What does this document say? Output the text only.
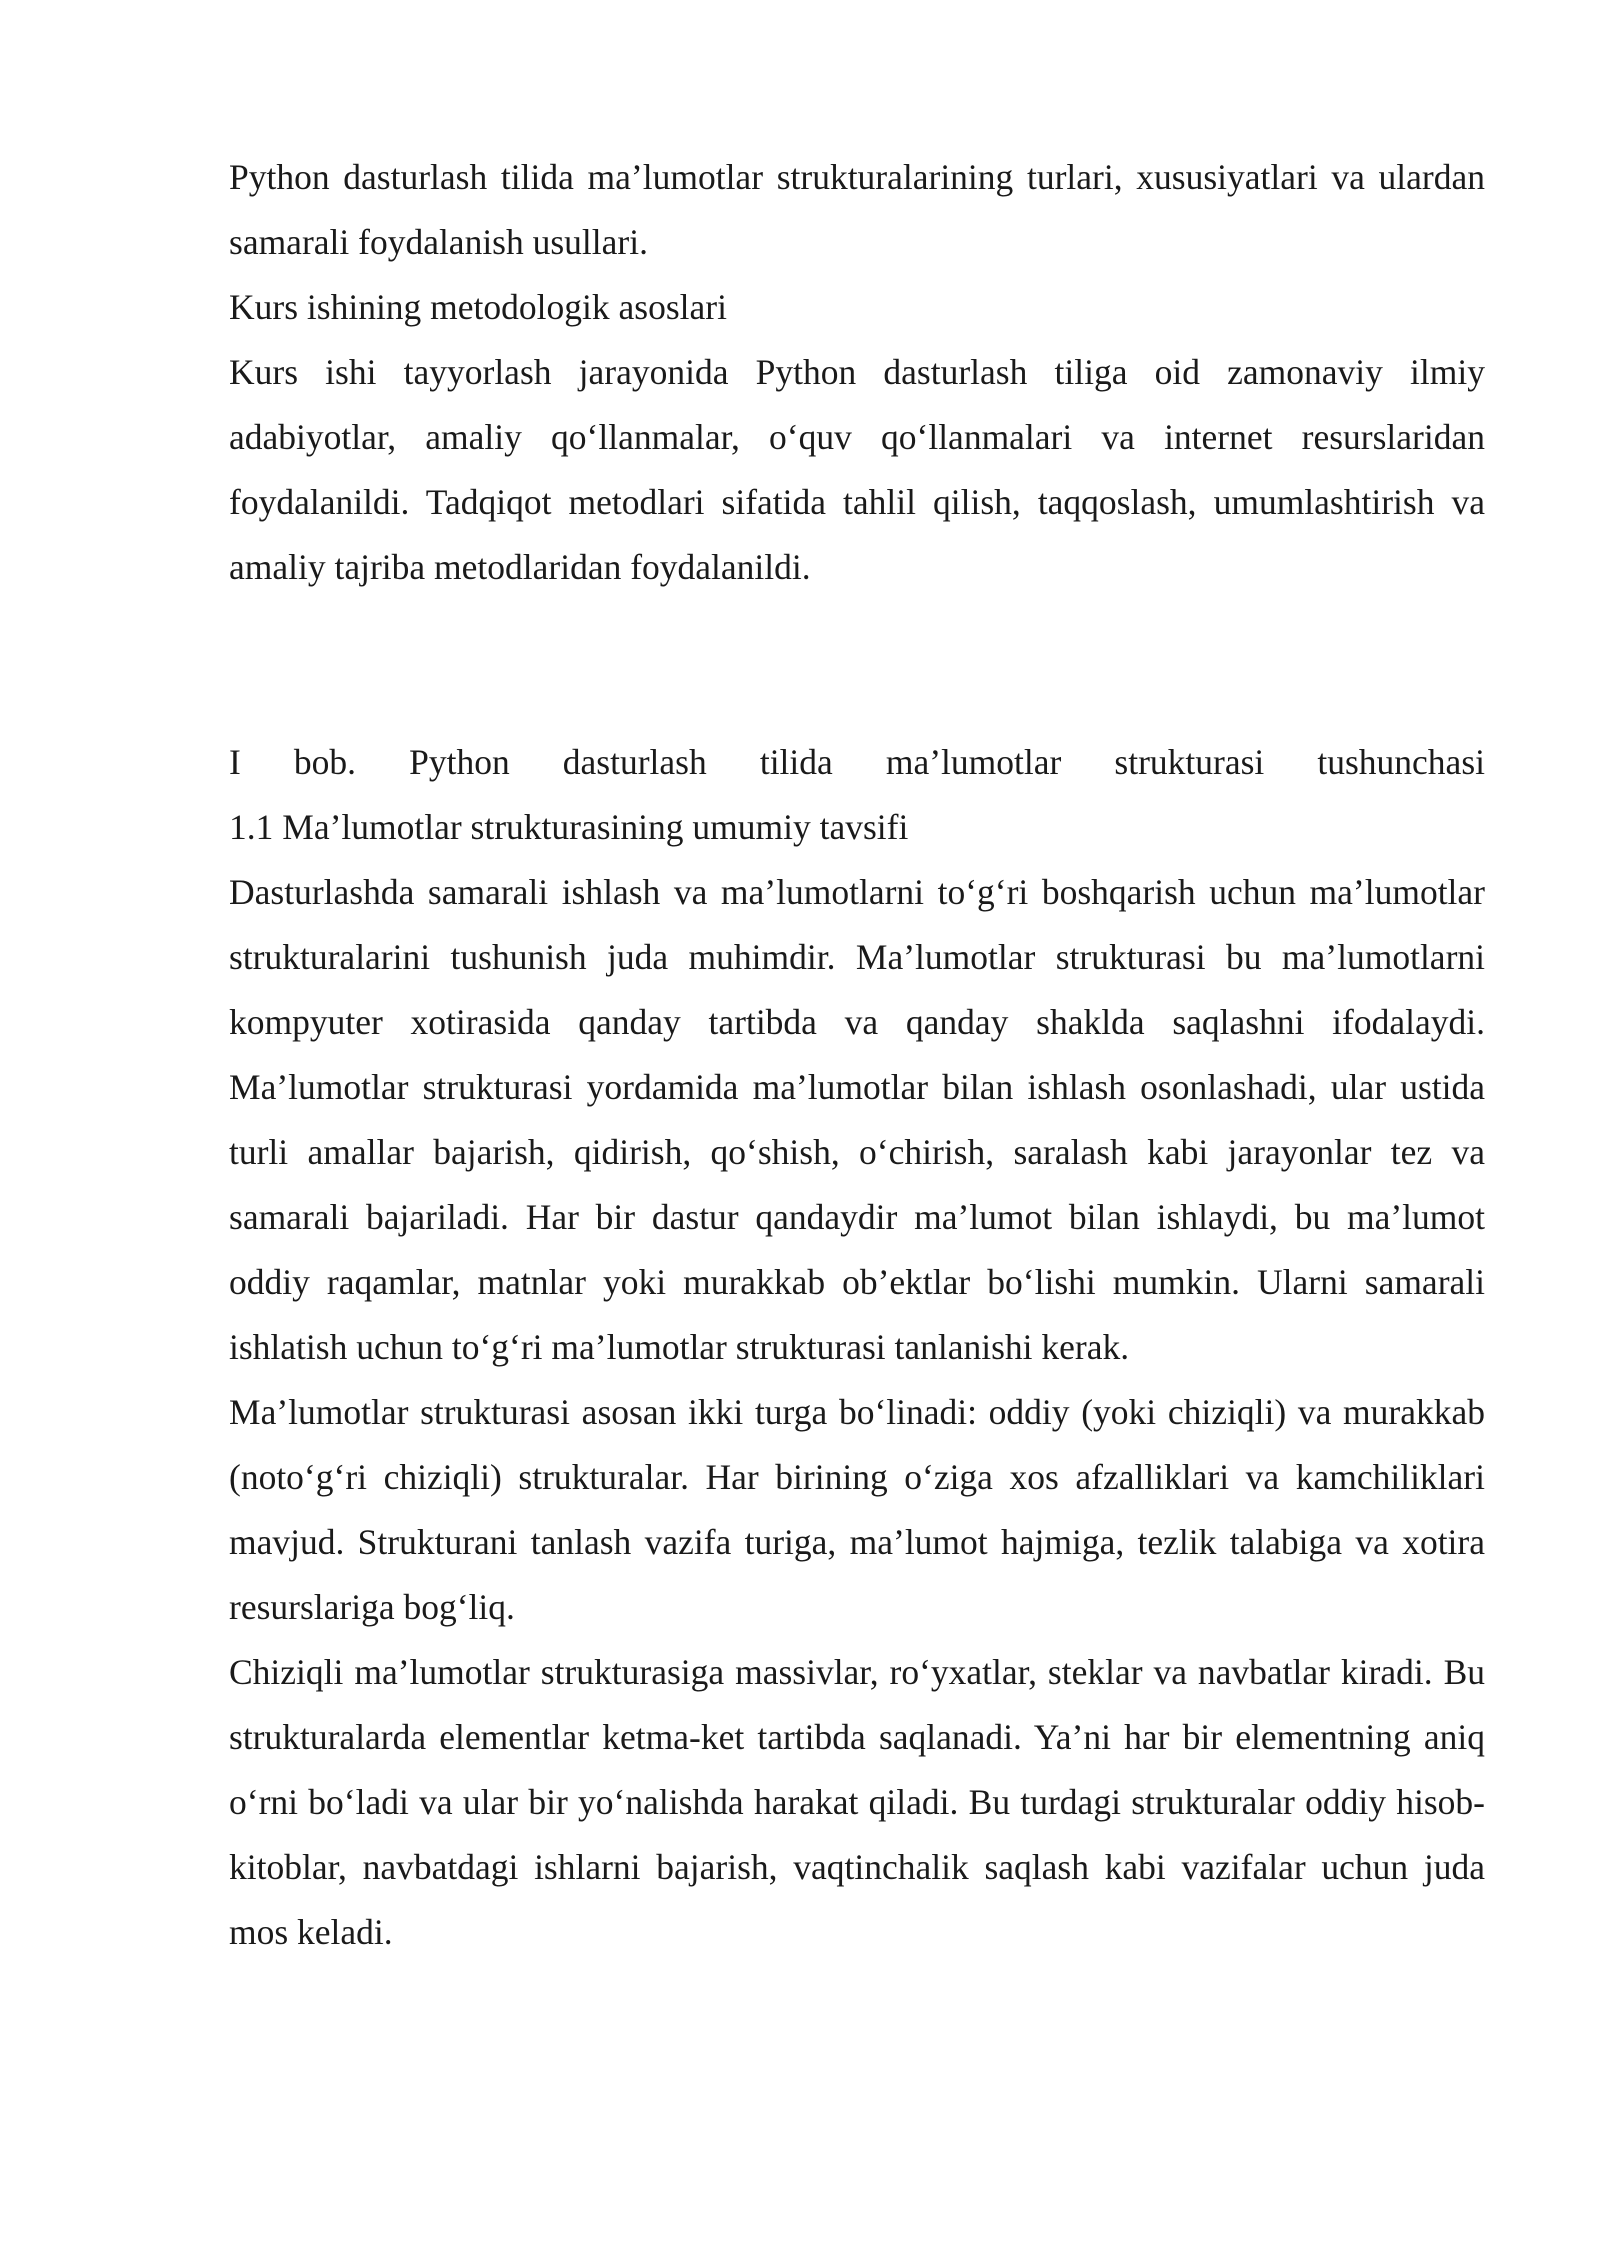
Python dasturlash tilida ma’lumotlar strukturalarining turlari, xususiyatlari va ulardan samarali foydalanish usullari.

Kurs ishining metodologik asoslari

Kurs ishi tayyorlash jarayonida Python dasturlash tiliga oid zamonaviy ilmiy adabiyotlar, amaliy qo‘llanmalar, o‘quv qo‘llanmalari va internet resurslaridan foydalanildi. Tadqiqot metodlari sifatida tahlil qilish, taqqoslash, umumlashtirish va amaliy tajriba metodlaridan foydalanildi.

I bob. Python dasturlash tilida ma’lumotlar strukturasi tushunchasi

1.1 Ma’lumotlar strukturasining umumiy tavsifi

Dasturlashda samarali ishlash va ma’lumotlarni to‘g‘ri boshqarish uchun ma’lumotlar strukturalarini tushunish juda muhimdir. Ma’lumotlar strukturasi bu ma’lumotlarni kompyuter xotirasida qanday tartibda va qanday shaklda saqlashni ifodalaydi. Ma’lumotlar strukturasi yordamida ma’lumotlar bilan ishlash osonlashadi, ular ustida turli amallar bajarish, qidirish, qo‘shish, o‘chirish, saralash kabi jarayonlar tez va samarali bajariladi. Har bir dastur qandaydir ma’lumot bilan ishlaydi, bu ma’lumot oddiy raqamlar, matnlar yoki murakkab ob’ektlar bo‘lishi mumkin. Ularni samarali ishlatish uchun to‘g‘ri ma’lumotlar strukturasi tanlanishi kerak.

Ma’lumotlar strukturasi asosan ikki turga bo‘linadi: oddiy (yoki chiziqli) va murakkab (noto‘g‘ri chiziqli) strukturalar. Har birining o‘ziga xos afzalliklari va kamchiliklari mavjud. Strukturani tanlash vazifa turiga, ma’lumot hajmiga, tezlik talabiga va xotira resurslariga bog‘liq.

Chiziqli ma’lumotlar strukturasiga massivlar, ro‘yxatlar, steklar va navbatlar kiradi. Bu strukturalarda elementlar ketma-ket tartibda saqlanadi. Ya’ni har bir elementning aniq o‘rni bo‘ladi va ular bir yo‘nalishda harakat qiladi. Bu turdagi strukturalar oddiy hisob-kitoblar, navbatdagi ishlarni bajarish, vaqtinchalik saqlash kabi vazifalar uchun juda mos keladi.
